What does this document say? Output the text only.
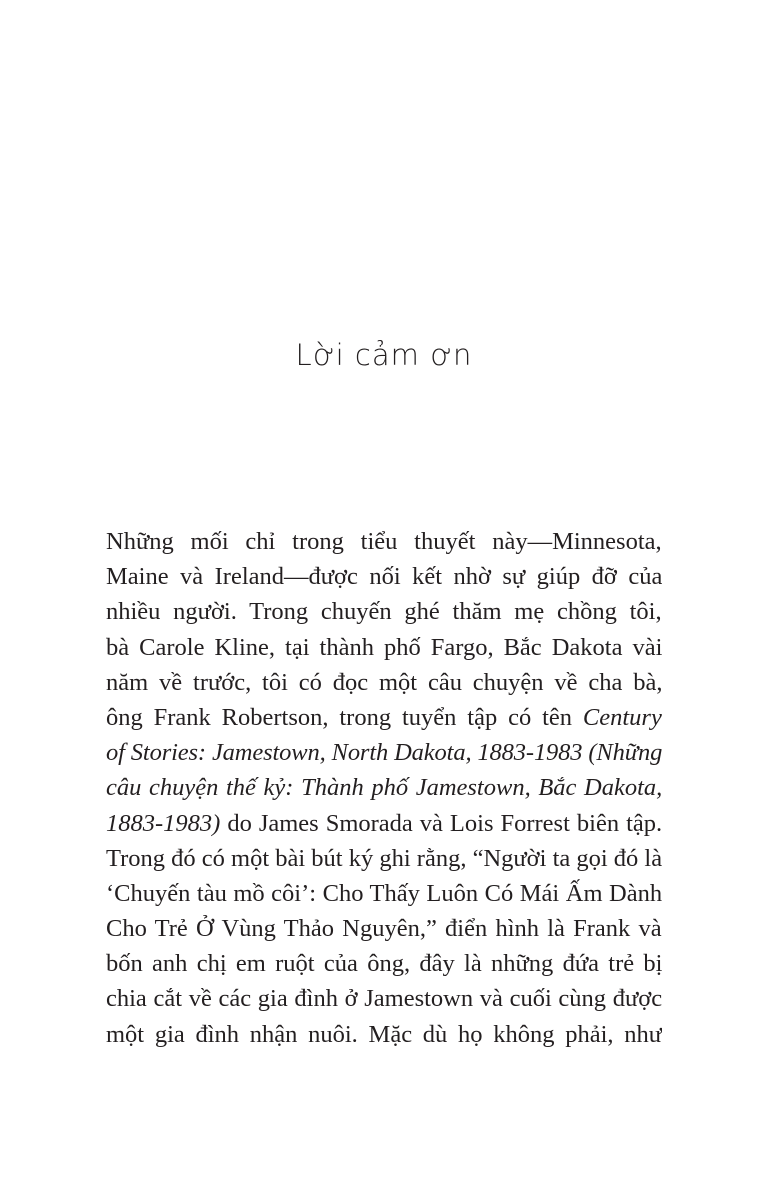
Lời cảm ơn
Những mối chỉ trong tiểu thuyết này—Minnesota,
Maine và Ireland—được nối kết nhờ sự giúp đỡ của
nhiều người. Trong chuyến ghé thăm mẹ chồng tôi,
bà Carole Kline, tại thành phố Fargo, Bắc Dakota vài
năm về trước, tôi có đọc một câu chuyện về cha bà,
ông Frank Robertson, trong tuyển tập có tên Century
of Stories: Jamestown, North Dakota, 1883-1983 (Những
câu chuyện thế kỷ: Thành phố Jamestown, Bắc Dakota,
1883-1983) do James Smorada và Lois Forrest biên tập.
Trong đó có một bài bút ký ghi rằng, “Người ta gọi đó là
‘Chuyến tàu mồ côi’: Cho Thấy Luôn Có Mái Ấm Dành
Cho Trẻ Ở Vùng Thảo Nguyên,” điển hình là Frank và
bốn anh chị em ruột của ông, đây là những đứa trẻ bị
chia cắt về các gia đình ở Jamestown và cuối cùng được
một gia đình nhận nuôi. Mặc dù họ không phải, như
